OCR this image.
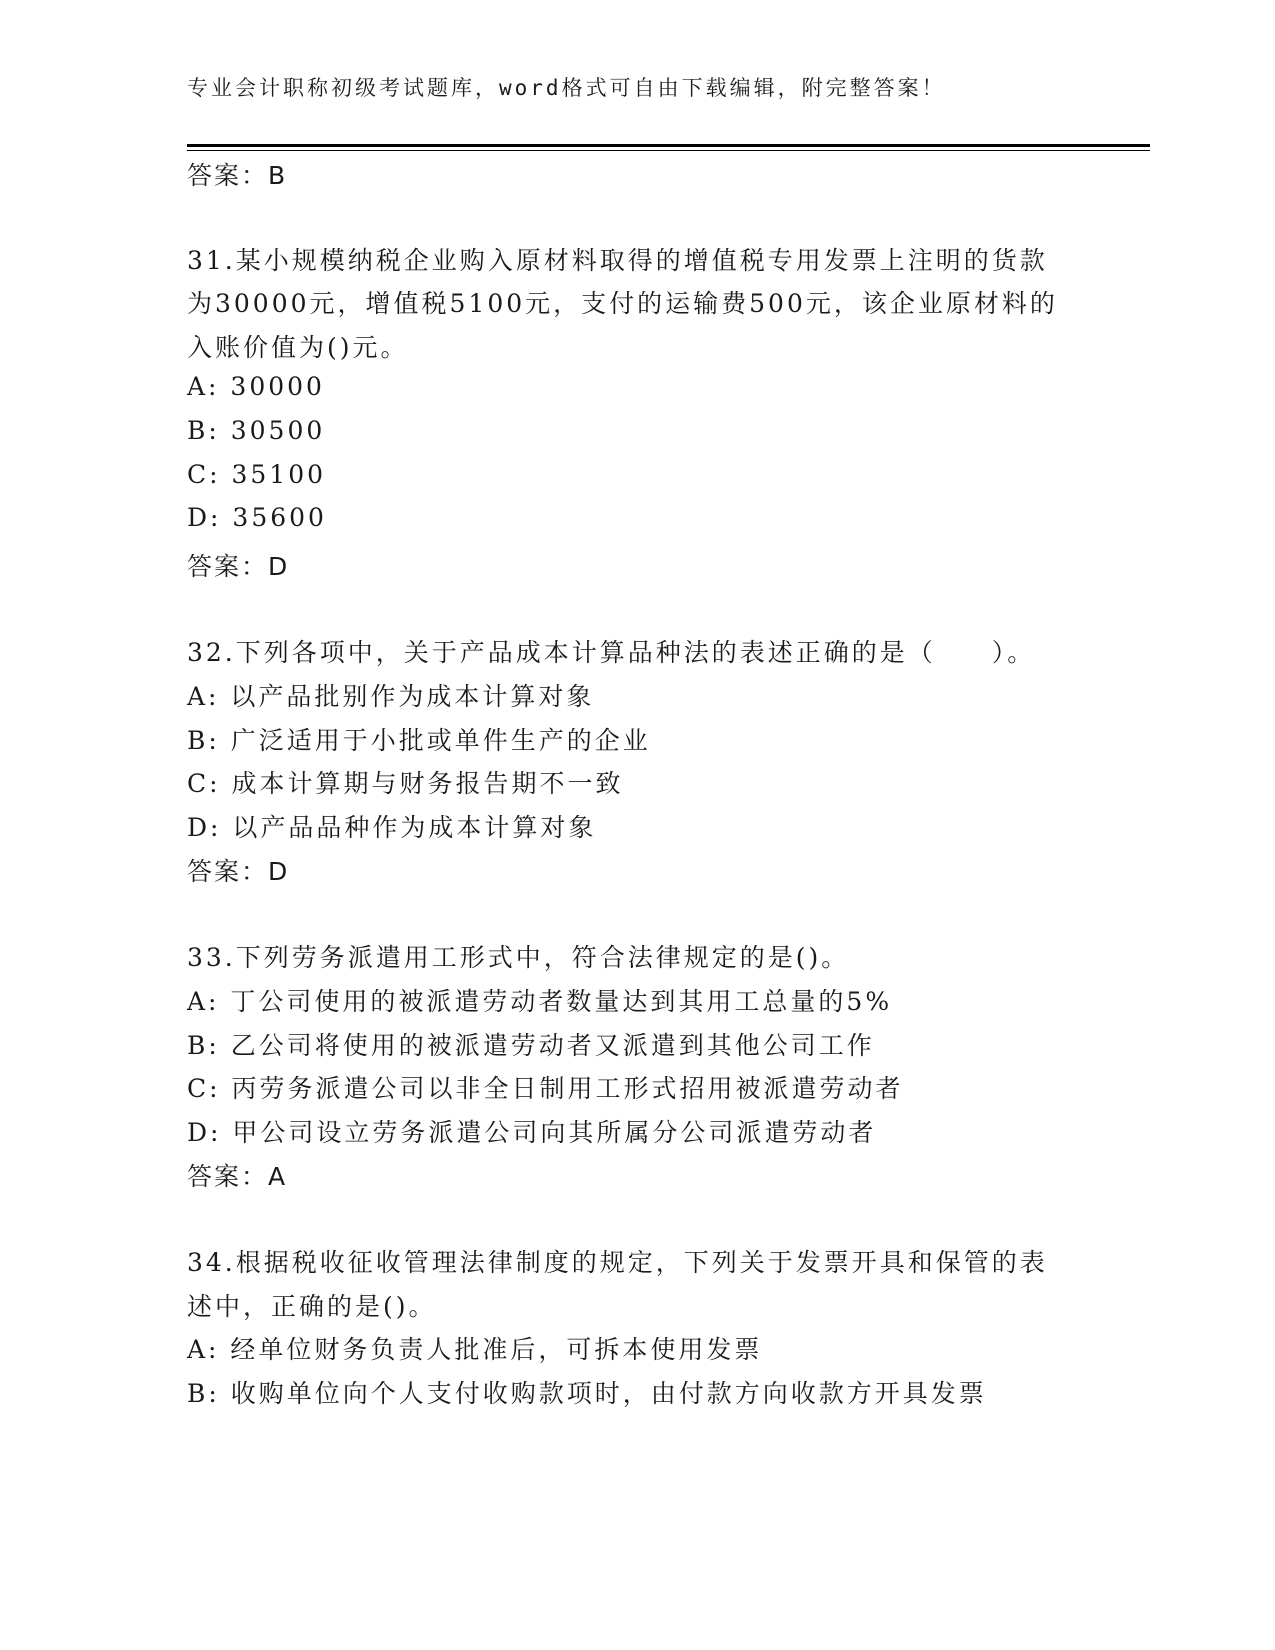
专业会计职称初级考试题库，word格式可自由下载编辑，附完整答案！
答案：B
31.某小规模纳税企业购入原材料取得的增值税专用发票上注明的货款
为30000元，增值税5100元，支付的运输费500元，该企业原材料的
入账价值为()元。
A: 30000
B: 30500
C: 35100
D: 35600
答案：D
32.下列各项中，关于产品成本计算品种法的表述正确的是（　　）。
A: 以产品批别作为成本计算对象
B: 广泛适用于小批或单件生产的企业
C: 成本计算期与财务报告期不一致
D: 以产品品种作为成本计算对象
答案：D
33.下列劳务派遣用工形式中，符合法律规定的是()。
A: 丁公司使用的被派遣劳动者数量达到其用工总量的5%
B: 乙公司将使用的被派遣劳动者又派遣到其他公司工作
C: 丙劳务派遣公司以非全日制用工形式招用被派遣劳动者
D: 甲公司设立劳务派遣公司向其所属分公司派遣劳动者
答案：A
34.根据税收征收管理法律制度的规定，下列关于发票开具和保管的表
述中，正确的是()。
A: 经单位财务负责人批准后，可拆本使用发票
B: 收购单位向个人支付收购款项时，由付款方向收款方开具发票
